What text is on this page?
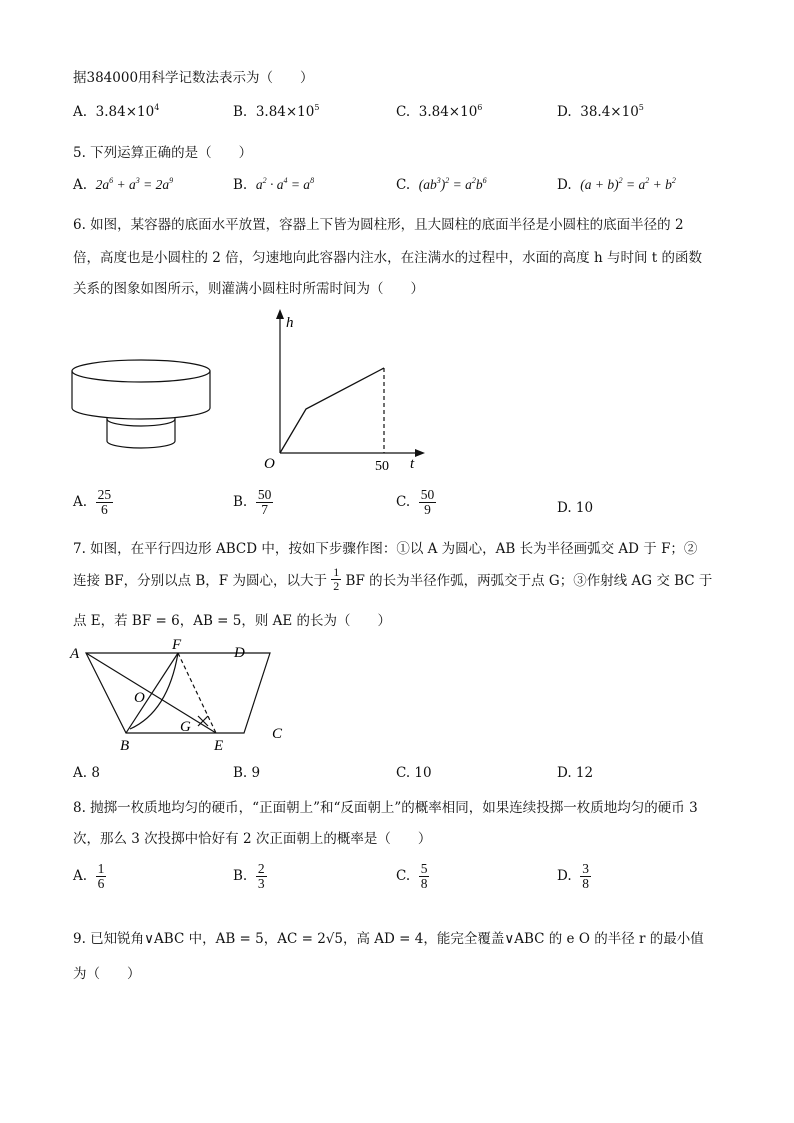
据384000用科学记数法表示为（　　）
A. $3.84\times 10^4$	B. $3.84\times 10^5$	C. $3.84\times 10^6$	D. $38.4\times 10^5$
5. 下列运算正确的是（　　）
A. $2a^6 + a^3 = 2a^9$	B. $a^2 \cdot a^4 = a^8$	C. $(ab^3)^2 = a^2b^6$	D. $(a + b)^2 = a^2 + b^2$
6. 如图，某容器的底面水平放置，容器上下皆为圆柱形，且大圆柱的底面半径是小圆柱的底面半径的 2
倍，高度也是小圆柱的 2 倍，匀速地向此容器内注水，在注满水的过程中，水面的高度 h 与时间 t 的函数
关系的图象如图所示，则灌满小圆柱时所需时间为（　　）
h
t
O	50
A. $\frac{25}{6}$	B. $\frac{50}{7}$	C. $\frac{50}{9}$	D. 10
7. 如图，在平行四边形 ABCD 中，按如下步骤作图：①以 A 为圆心，AB 长为半径画弧交 AD 于 F；②
连接 BF，分别以点 B，F 为圆心，以大于
$\frac{1}{2}$
BF 的长为半径作弧，两弧交于点 G；③作射线 AG 交 BC 于
点 E，若 BF = 6，AB = 5，则 AE 的长为（　　）
A
F	D
O
G
B	E
C
A. 8	B. 9	C. 10	D. 12
8. 抛掷一枚质地均匀的硬币，“正面朝上”和“反面朝上”的概率相同，如果连续投掷一枚质地均匀的硬币 3
次，那么 3 次投掷中恰好有 2 次正面朝上的概率是（　　）
A. $\frac{1}{6}$	B. $\frac{2}{3}$	C. $\frac{5}{8}$	D. $\frac{3}{8}$
9. 已知锐角∨ABC 中，AB = 5，AC = 2√5，高 AD = 4，能完全覆盖∨ABC 的 e O 的半径 r 的最小值
为（　　）
